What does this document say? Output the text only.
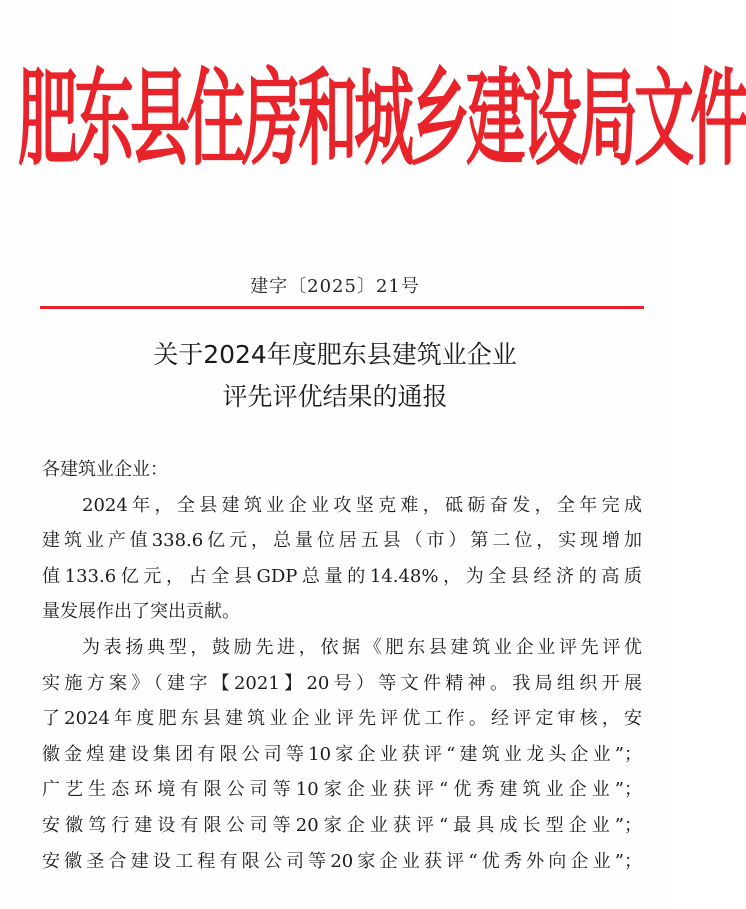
肥东县住房和城乡建设局文件
建字〔2025〕21号
关于2024年度肥东县建筑业企业
评先评优结果的通报
各建筑业企业：
2024年，全县建筑业企业攻坚克难，砥砺奋发，全年完成
建筑业产值338.6亿元，总量位居五县（市）第二位，实现增加
值133.6亿元，占全县GDP总量的14.48%，为全县经济的高质
量发展作出了突出贡献。
为表扬典型，鼓励先进，依据《肥东县建筑业企业评先评优
实施方案》（建字【2021】20号）等文件精神。我局组织开展
了2024年度肥东县建筑业企业评先评优工作。经评定审核，安
徽金煌建设集团有限公司等10家企业获评“建筑业龙头企业”；
广艺生态环境有限公司等10家企业获评“优秀建筑业企业”；
安徽笃行建设有限公司等20家企业获评“最具成长型企业”；
安徽圣合建设工程有限公司等20家企业获评“优秀外向企业”；
